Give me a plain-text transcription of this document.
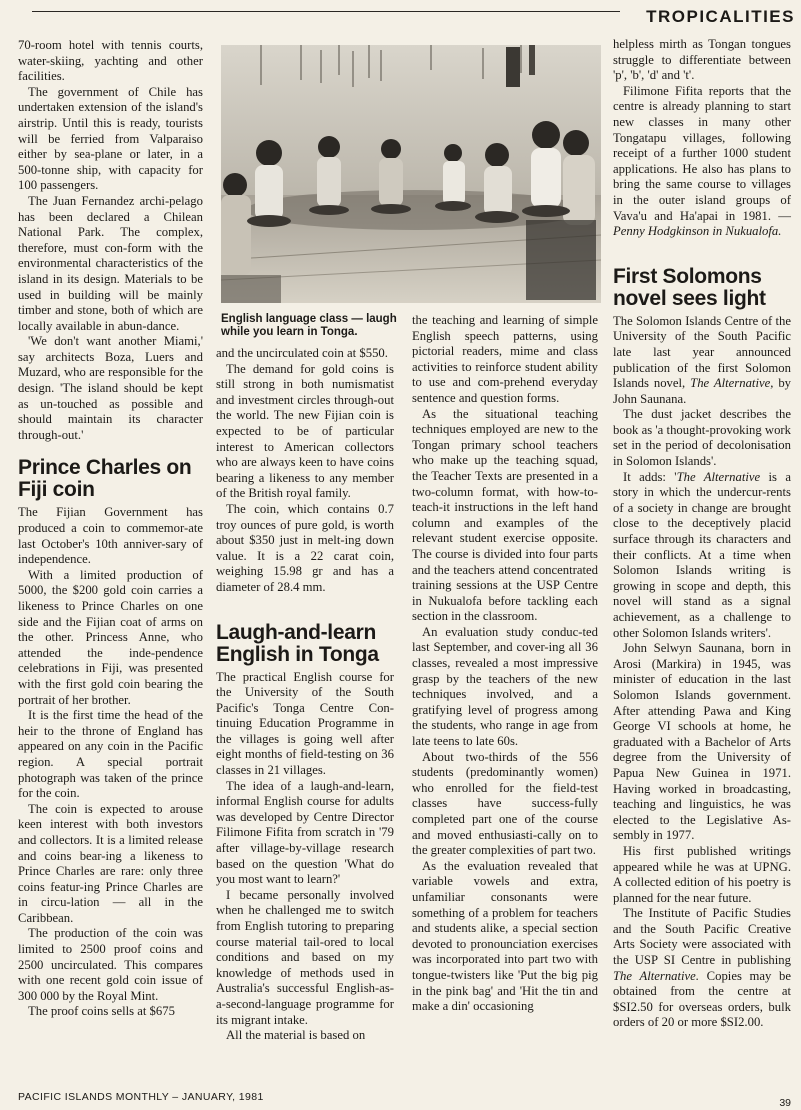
TROPICALITIES

70-room hotel with tennis courts, water-skiing, yachting and other facilities.

The government of Chile has undertaken extension of the island's airstrip. Until this is ready, tourists will be ferried from Valparaiso either by sea-plane or later, in a 500-tonne ship, with capacity for 100 passengers.

The Juan Fernandez archi-pelago has been declared a Chilean National Park. The complex, therefore, must con-form with the environmental characteristics of the island in its design. Materials to be used in building will be mainly timber and stone, both of which are locally available in abun-dance.

'We don't want another Miami,' say architects Boza, Luers and Muzard, who are responsible for the design. 'The island should be kept as un-touched as possible and should maintain its character through-out.'

Prince Charles on Fiji coin

The Fijian Government has produced a coin to commemor-ate last October's 10th anniver-sary of independence.

With a limited production of 5000, the $200 gold coin carries a likeness to Prince Charles on one side and the Fijian coat of arms on the other. Princess Anne, who attended the inde-pendence celebrations in Fiji, was presented with the first gold coin bearing the portrait of her brother.

It is the first time the head of the heir to the throne of England has appeared on any coin in the Pacific region. A special portrait photograph was taken of the prince for the coin.

The coin is expected to arouse keen interest with both investors and collectors. It is a limited release and coins bear-ing a likeness to Prince Charles are rare: only three coins featur-ing Prince Charles are in circu-lation — all in the Caribbean.

The production of the coin was limited to 2500 proof coins and 2500 uncirculated. This compares with one recent gold coin issue of 300 000 by the Royal Mint.

The proof coins sells at $675

English language class — laugh while you learn in Tonga.

and the uncirculated coin at $550.

The demand for gold coins is still strong in both numismatist and investment circles through-out the world. The new Fijian coin is expected to be of particular interest to American collectors who are always keen to have coins bearing a likeness to any member of the British royal family.

The coin, which contains 0.7 troy ounces of pure gold, is worth about $350 just in melt-ing down value. It is a 22 carat coin, weighing 15.98 gr and has a diameter of 28.4 mm.

Laugh-and-learn English in Tonga

The practical English course for the University of the South Pacific's Tonga Centre Con-tinuing Education Programme in the villages is going well after eight months of field-testing on 36 classes in 21 villages.

The idea of a laugh-and-learn, informal English course for adults was developed by Centre Director Filimone Fifita from scratch in '79 after village-by-village research based on the question 'What do you most want to learn?'

I became personally involved when he challenged me to switch from English tutoring to preparing course material tail-ored to local conditions and based on my knowledge of methods used in Australia's successful English-as-a-second-language programme for its migrant intake.

All the material is based on

the teaching and learning of simple English speech patterns, using pictorial readers, mime and class activities to reinforce student ability to use and com-prehend everyday sentence and question forms.

As the situational teaching techniques employed are new to the Tongan primary school teachers who make up the teaching squad, the Teacher Texts are presented in a two-column format, with how-to-teach-it instructions in the left hand column and examples of the relevant student exercise opposite. The course is divided into four parts and the teachers attend concentrated training sessions at the USP Centre in Nukualofa before tackling each section in the classroom.

An evaluation study conduc-ted last September, and cover-ing all 36 classes, revealed a most impressive grasp by the teachers of the new techniques involved, and a gratifying level of progress among the students, who range in age from late teens to late 60s.

About two-thirds of the 556 students (predominantly women) who enrolled for the field-test classes have success-fully completed part one of the course and moved enthusiasti-cally on to the greater complexities of part two.

As the evaluation revealed that variable vowels and extra, unfamiliar consonants were something of a problem for teachers and students alike, a special section devoted to pronounciation exercises was incorporated into part two with tongue-twisters like 'Put the big pig in the pink bag' and 'Hit the tin and make a din' occasioning

helpless mirth as Tongan tongues struggle to differentiate between 'p', 'b', 'd' and 't'.

Filimone Fifita reports that the centre is already planning to start new classes in many other Tongatapu villages, following receipt of a further 1000 student applications. He also has plans to bring the same course to villages in the outer island groups of Vava'u and Ha'apai in 1981. — Penny Hodgkinson in Nukualofa.

First Solomons novel sees light

The Solomon Islands Centre of the University of the South Pacific late last year announced publication of the first Solomon Islands novel, The Alternative, by John Saunana.

The dust jacket describes the book as 'a thought-provoking work set in the period of decolonisation in Solomon Islands'.

It adds: 'The Alternative is a story in which the undercur-rents of a society in change are brought close to the deceptively placid surface through its characters and their conflicts. At a time when Solomon Islands writing is growing in scope and depth, this novel will stand as a signal achievement, as a challenge to other Solomon Islands writers'.

John Selwyn Saunana, born in Arosi (Markira) in 1945, was minister of education in the last Solomon Islands government. After attending Pawa and King George VI schools at home, he graduated with a Bachelor of Arts degree from the University of Papua New Guinea in 1971. Having worked in broadcasting, teaching and linguistics, he was elected to the Legislative As-sembly in 1977.

His first published writings appeared while he was at UPNG. A collected edition of his poetry is planned for the near future.

The Institute of Pacific Studies and the South Pacific Creative Arts Society were associated with the USP SI Centre in publishing The Alternative. Copies may be obtained from the centre at $SI2.50 for overseas orders, bulk orders of 20 or more $SI2.00.

PACIFIC ISLANDS MONTHLY – JANUARY, 1981	39
